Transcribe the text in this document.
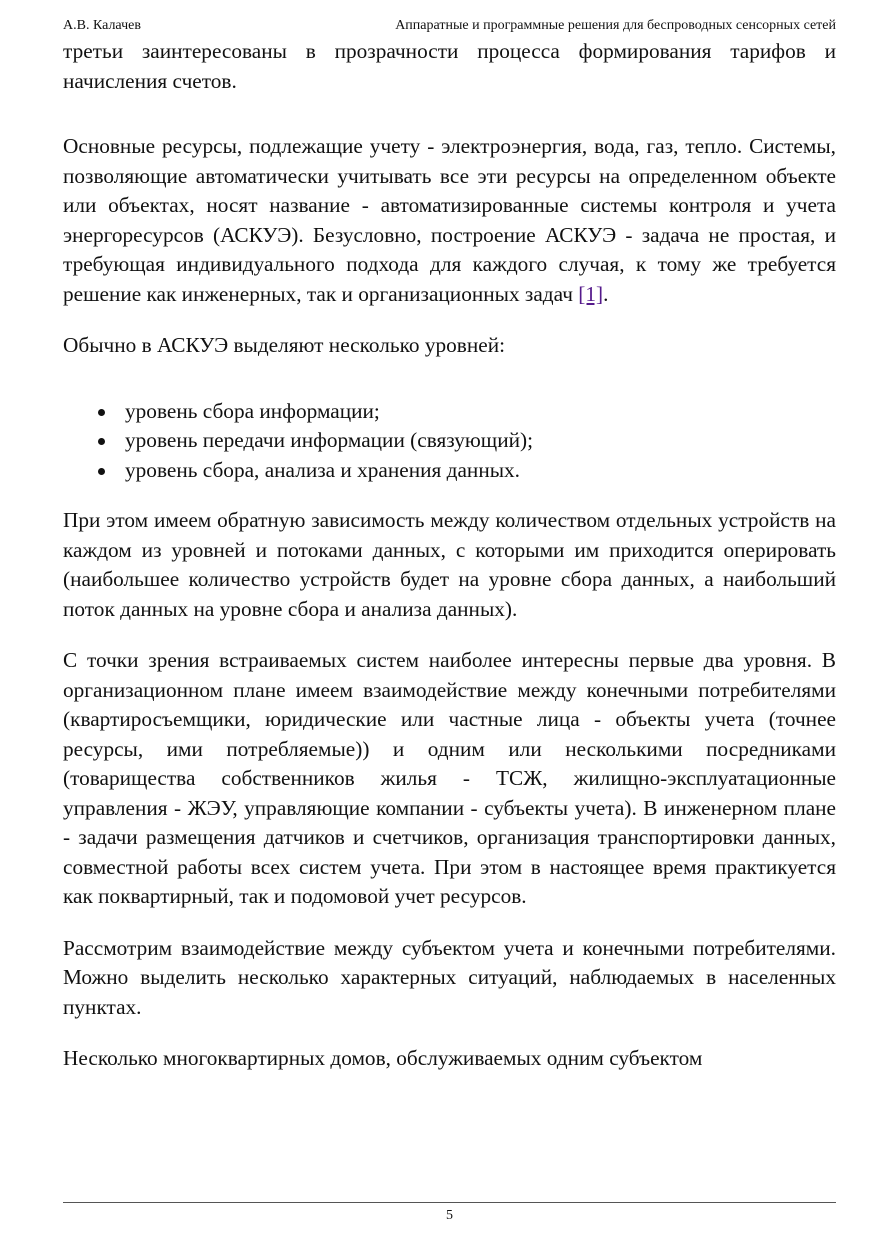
А.В. Калачев	Аппаратные и программные решения для беспроводных сенсорных сетей

третьи заинтересованы в прозрачности процесса формирования тарифов и начисления счетов.

Основные ресурсы, подлежащие учету - электроэнергия, вода, газ, тепло. Системы, позволяющие автоматически учитывать все эти ресурсы на определенном объекте или объектах, носят название - автоматизированные системы контроля и учета энергоресурсов (АСКУЭ). Безусловно, построение АСКУЭ - задача не простая, и требующая индивидуального подхода для каждого случая, к тому же требуется решение как инженерных, так и организационных задач [1].

Обычно в АСКУЭ выделяют несколько уровней:

уровень сбора информации;
уровень передачи информации (связующий);
уровень сбора, анализа и хранения данных.

При этом имеем обратную зависимость между количеством отдельных устройств на каждом из уровней и потоками данных, с которыми им приходится оперировать (наибольшее количество устройств будет на уровне сбора данных, а наибольший поток данных на уровне сбора и анализа данных).

С точки зрения встраиваемых систем наиболее интересны первые два уровня. В организационном плане имеем взаимодействие между конечными потребителями (квартиросъемщики, юридические или частные лица - объекты учета (точнее ресурсы, ими потребляемые)) и одним или несколькими посредниками (товарищества собственников жилья - ТСЖ, жилищно-эксплуатационные управления - ЖЭУ, управляющие компании - субъекты учета). В инженерном плане - задачи размещения датчиков и счетчиков, организация транспортировки данных, совместной работы всех систем учета. При этом в настоящее время практикуется как поквартирный, так и подомовой учет ресурсов.

Рассмотрим взаимодействие между субъектом учета и конечными потребителями. Можно выделить несколько характерных ситуаций, наблюдаемых в населенных пунктах.

Несколько многоквартирных домов, обслуживаемых одним субъектом

5
